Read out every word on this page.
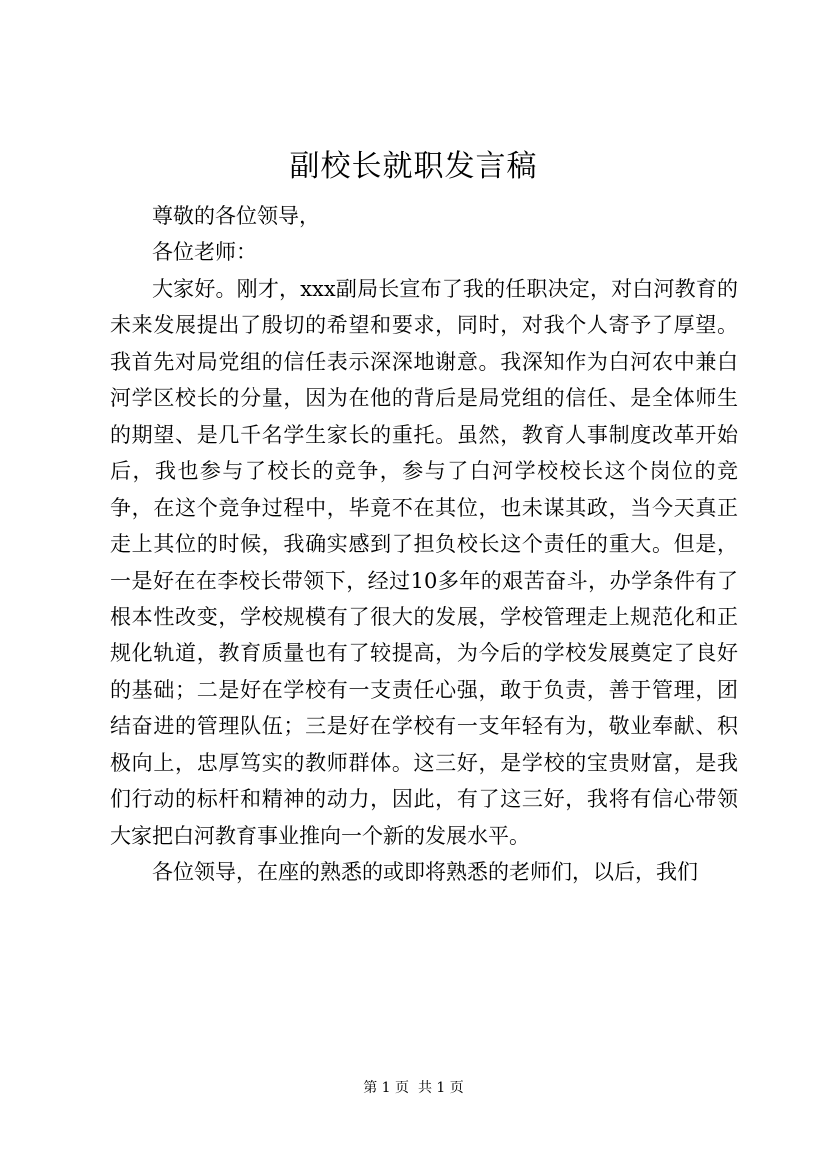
副校长就职发言稿

尊敬的各位领导，

各位老师：

大家好。刚才，xxx副局长宣布了我的任职决定，对白河教育的未来发展提出了殷切的希望和要求，同时，对我个人寄予了厚望。我首先对局党组的信任表示深深地谢意。我深知作为白河农中兼白河学区校长的分量，因为在他的背后是局党组的信任、是全体师生的期望、是几千名学生家长的重托。虽然，教育人事制度改革开始后，我也参与了校长的竞争，参与了白河学校校长这个岗位的竞争，在这个竞争过程中，毕竟不在其位，也未谋其政，当今天真正走上其位的时候，我确实感到了担负校长这个责任的重大。但是，一是好在在李校长带领下，经过10多年的艰苦奋斗，办学条件有了根本性改变，学校规模有了很大的发展，学校管理走上规范化和正规化轨道，教育质量也有了较提高，为今后的学校发展奠定了良好的基础；二是好在学校有一支责任心强，敢于负责，善于管理，团结奋进的管理队伍；三是好在学校有一支年轻有为，敬业奉献、积极向上，忠厚笃实的教师群体。这三好，是学校的宝贵财富，是我们行动的标杆和精神的动力，因此，有了这三好，我将有信心带领大家把白河教育事业推向一个新的发展水平。

各位领导，在座的熟悉的或即将熟悉的老师们，以后，我们

第 1 页  共 1 页
